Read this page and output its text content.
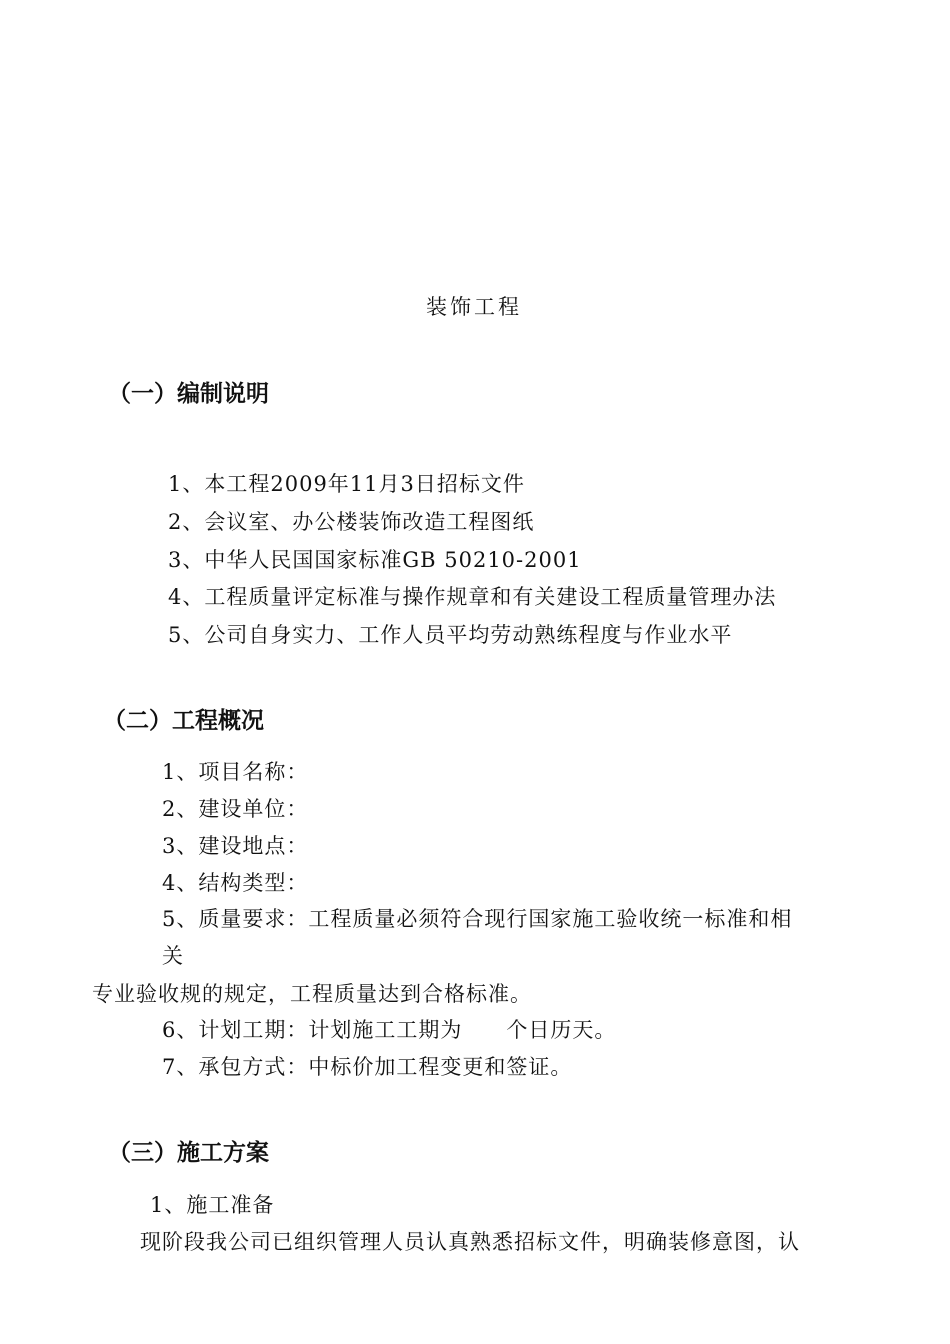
装饰工程
（一）编制说明
1、本工程2009年11月3日招标文件
2、会议室、办公楼装饰改造工程图纸
3、中华人民国国家标准GB 50210-2001
4、工程质量评定标准与操作规章和有关建设工程质量管理办法
5、公司自身实力、工作人员平均劳动熟练程度与作业水平
（二）工程概况
1、项目名称：
2、建设单位：
3、建设地点：
4、结构类型：
5、质量要求：工程质量必须符合现行国家施工验收统一标准和相
关
专业验收规的规定，工程质量达到合格标准。
6、计划工期：计划施工工期为　　个日历天。
7、承包方式：中标价加工程变更和签证。
（三）施工方案
1、施工准备
现阶段我公司已组织管理人员认真熟悉招标文件，明确装修意图，认
